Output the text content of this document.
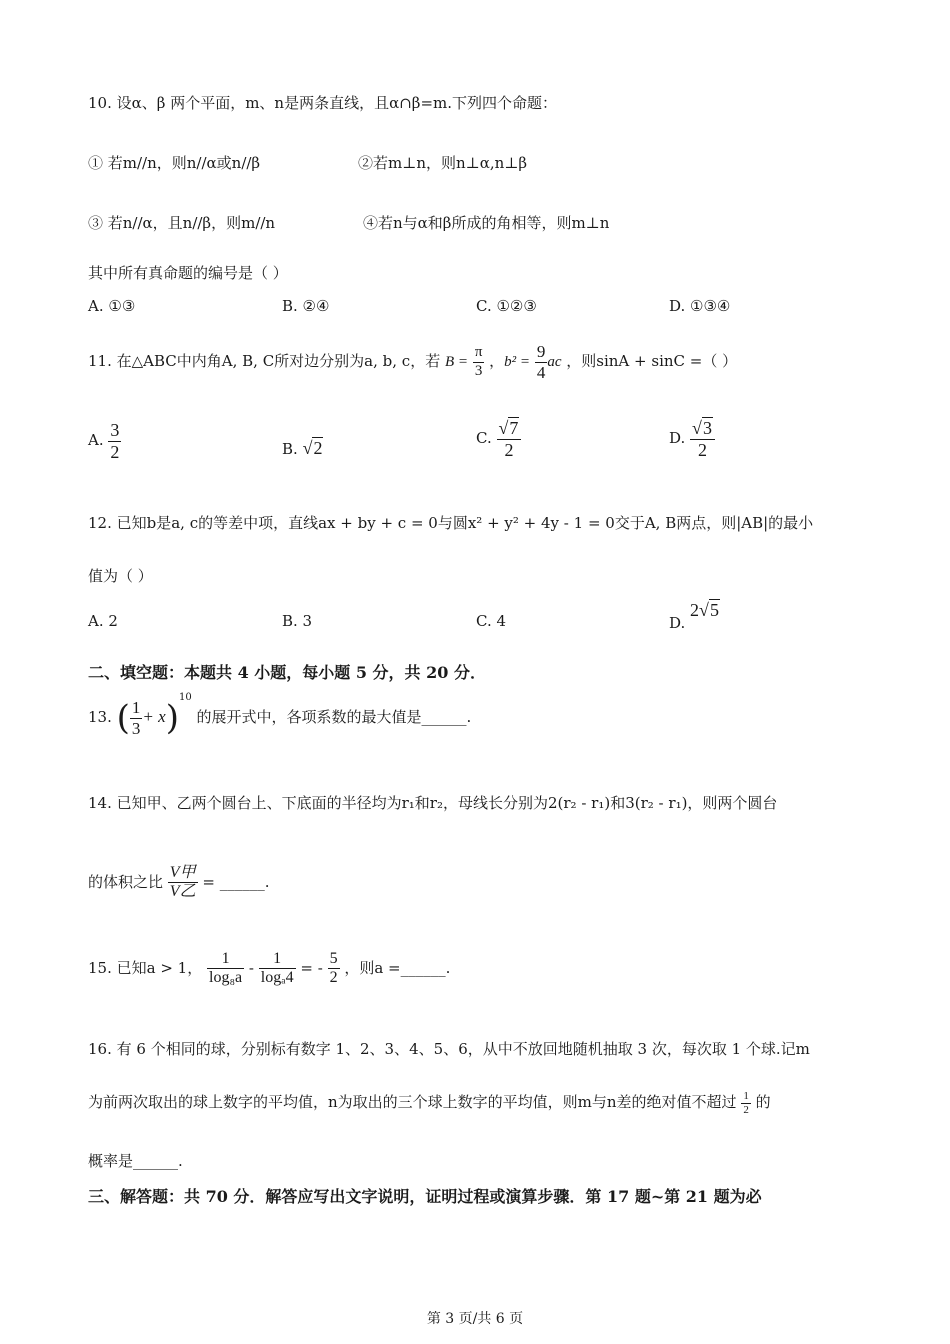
10. 设α、β 两个平面，m、n是两条直线，且α∩β=m.下列四个命题：
① 若m//n，则n//α或n//β	②若m⊥n，则n⊥α,n⊥β
③ 若n//α，且n//β，则m//n	④若n与α和β所成的角相等，则m⊥n
其中所有真命题的编号是（ ）
A. ①③	B. ②④	C. ①②③	D. ①③④
11. 在△ABC中内角A, B, C所对边分别为a, b, c，若 $B = \frac{\pi}{3}$ ，$b^2 = \frac{9}{4}$ ac ，则sinA + sinC =（ ）
A. $\frac{3}{2}$	B. √2	C. $\frac{√7}{2}$	D. $\frac{√3}{2}$
12. 已知b是a, c的等差中项，直线ax + by + c = 0与圆x² + y² + 4y - 1 = 0交于A, B两点，则|AB|的最小
值为（ ）
A. 2	B. 3	C. 4	D. 2√5
二、填空题：本题共 4 小题，每小题 5 分，共 20 分．
13. ( $\frac{1}{3} + x)^{10}$ 的展开式中，各项系数的最大值是______.
14. 已知甲、乙两个圆台上、下底面的半径均为r₁和r₂，母线长分别为2(r₂ - r₁)和3(r₂ - r₁)，则两个圆台
的体积之比 $\frac{\text{V甲}}{\text{V乙}}$ = ______.
15. 已知a > 1， $\frac{1}{\text{log₈a}} - \frac{1}{\text{logₐ4}}$ = - $\frac{5}{2}$ ，则a =______.
16. 有 6 个相同的球，分别标有数字 1、2、3、4、5、6，从中不放回地随机抽取 3 次，每次取 1 个球.记m
为前两次取出的球上数字的平均值，n为取出的三个球上数字的平均值，则m与n差的绝对值不超过 $\frac{1}{2}$ 的
概率是______.
三、解答题：共 70 分．解答应写出文字说明，证明过程或演算步骤．第 17 题~第 21 题为必
第 3 页/共 6 页
